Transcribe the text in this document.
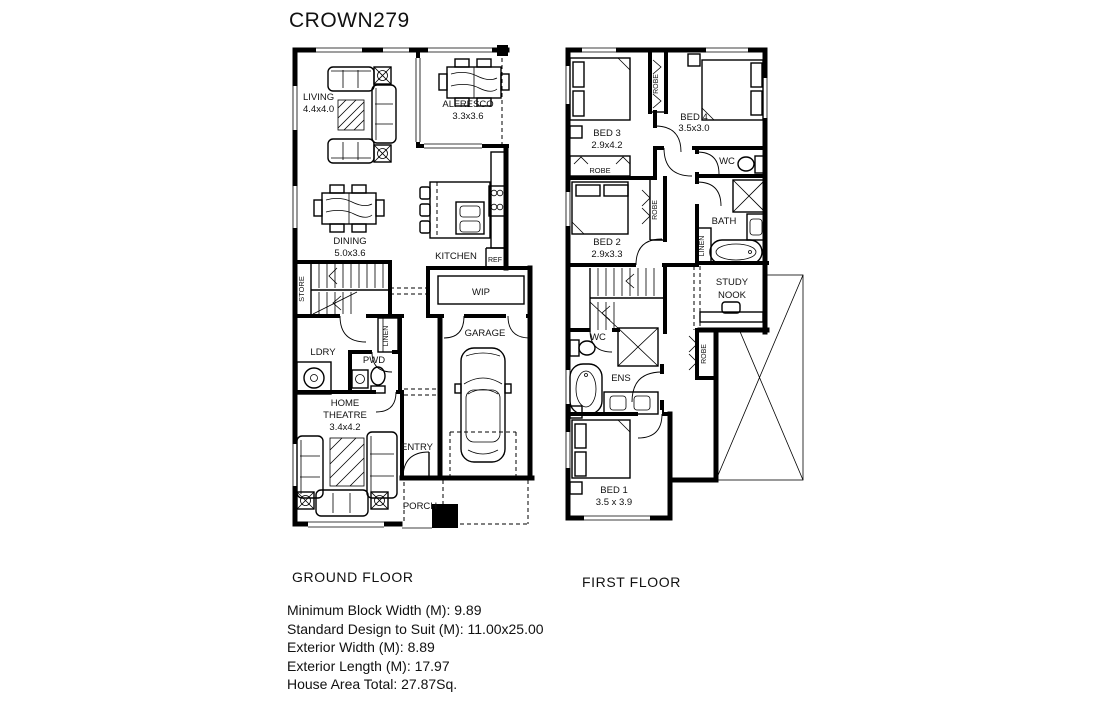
LIVING
4.4x4.0	ALFRESCO
3.3x3.6
DINING
5.0x3.6	KITCHEN REF
WIP
GARAGE
STORE
LDRY
LINEN
PWD
HOME
THEATRE
3.4x4.2
ENTRY
PORCH
BED 3
2.9x4.2
ROBE
BED 4
3.5x3.0
WC
BATH
ROBE
BED 2
2.9x3.3
ROBE
LINEN
STUDY
NOOK
WC
ENS
ROBE
BED 1
3.5 x 3.9
CROWN279
GROUND FLOOR	FIRST FLOOR
Minimum Block Width (M): 9.89
Standard Design to Suit (M): 11.00x25.00
Exterior Width (M): 8.89
Exterior Length (M): 17.97
House Area Total: 27.87Sq.
